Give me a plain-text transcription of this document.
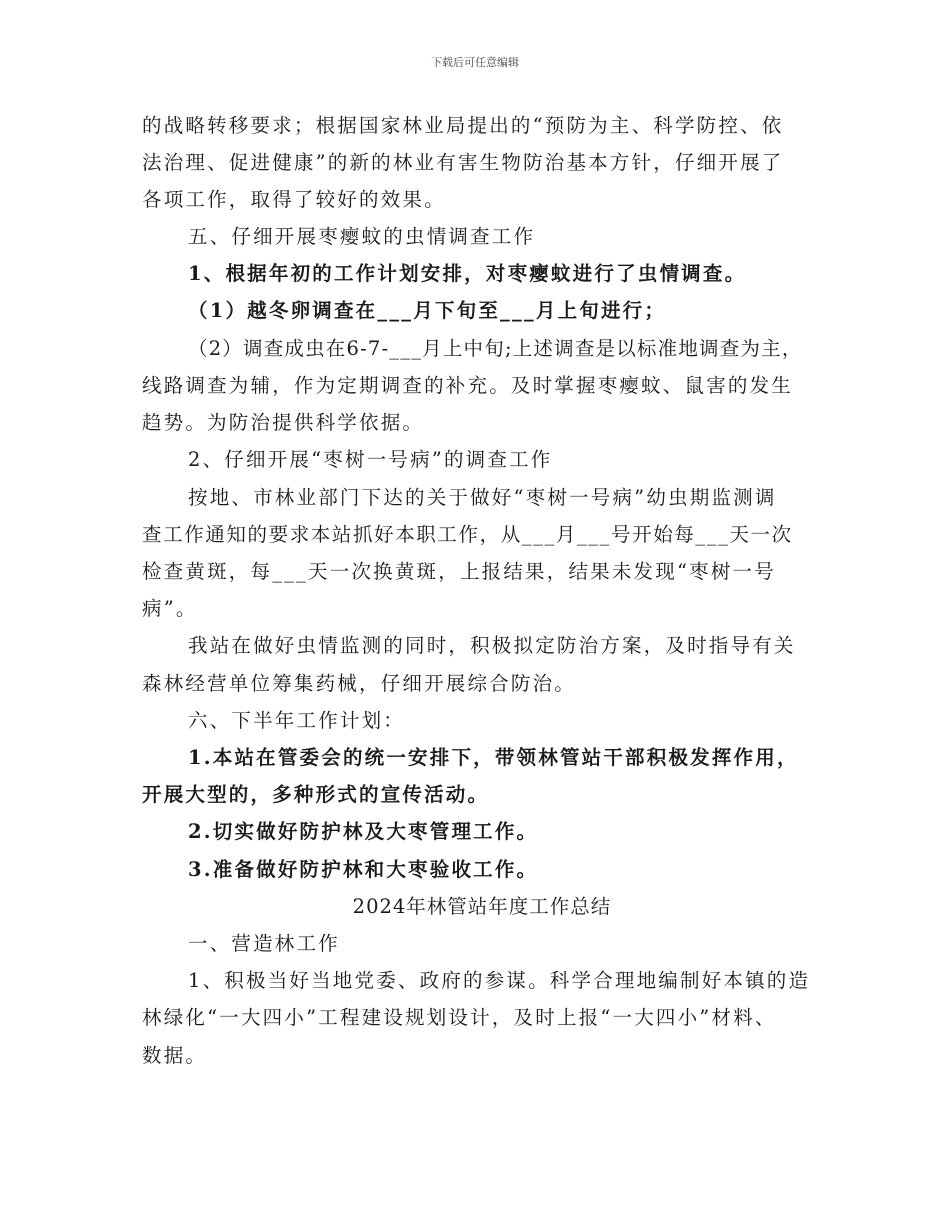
下载后可任意编辑
的战略转移要求；根据国家林业局提出的“预防为主、科学防控、依
法治理、促进健康”的新的林业有害生物防治基本方针，仔细开展了
各项工作，取得了较好的效果。
五、仔细开展枣瘿蚊的虫情调查工作
1、根据年初的工作计划安排，对枣瘿蚊进行了虫情调查。
（1）越冬卵调查在___月下旬至___月上旬进行；
（2）调查成虫在6-7-___月上中旬;上述调查是以标准地调查为主，
线路调查为辅，作为定期调查的补充。及时掌握枣瘿蚊、鼠害的发生
趋势。为防治提供科学依据。
2、仔细开展“枣树一号病”的调查工作
按地、市林业部门下达的关于做好“枣树一号病”幼虫期监测调
查工作通知的要求本站抓好本职工作，从___月___号开始每___天一次
检查黄斑，每___天一次换黄斑，上报结果，结果未发现“枣树一号
病”。
我站在做好虫情监测的同时，积极拟定防治方案，及时指导有关
森林经营单位筹集药械，仔细开展综合防治。
六、下半年工作计划：
1.本站在管委会的统一安排下，带领林管站干部积极发挥作用，
开展大型的，多种形式的宣传活动。
2.切实做好防护林及大枣管理工作。
3.准备做好防护林和大枣验收工作。
2024年林管站年度工作总结
一、营造林工作
1、积极当好当地党委、政府的参谋。科学合理地编制好本镇的造
林绿化“一大四小”工程建设规划设计，及时上报“一大四小”材料、
数据。
